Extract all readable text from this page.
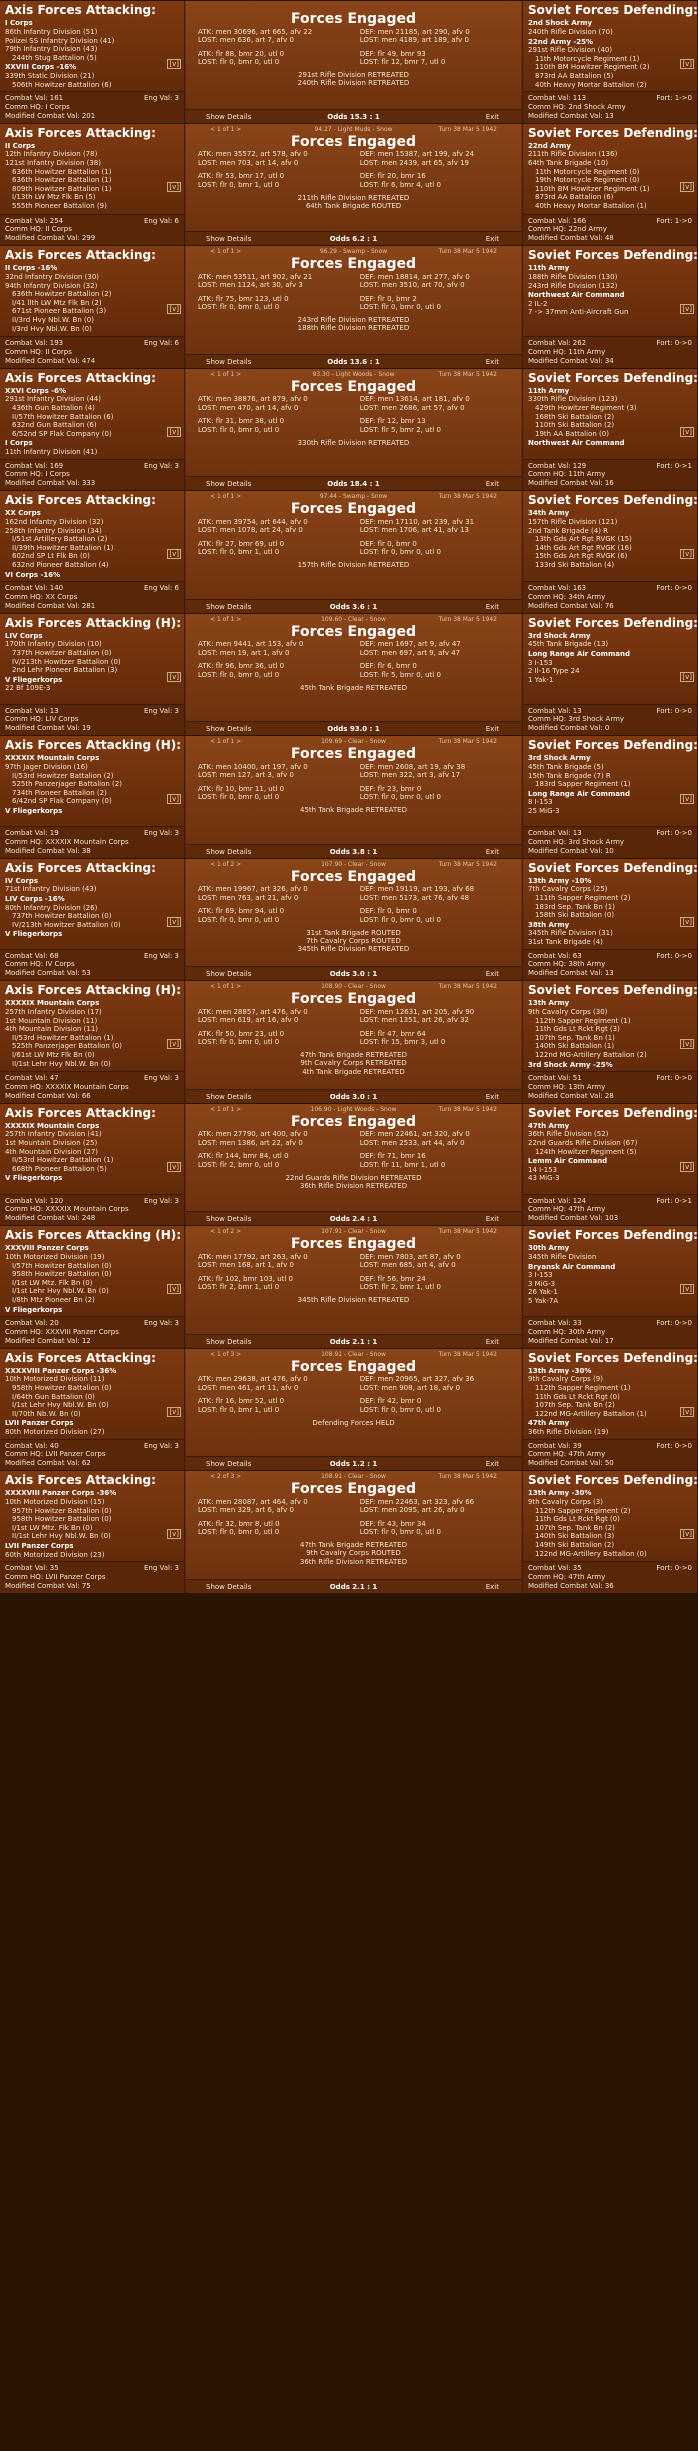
Axis Forces Attacking:
I Corps
86th Infantry Division (51)
Polizei SS Infantry Division (41)
79th Infantry Division (43)
244th Stug Battalion (5)
XXVIII Corps -16%
339th Static Division (21)
506th Howitzer Battalion (6)
[v]
Combat Val: 161	Eng Val: 3
Comm HQ: I Corps
Modified Combat Val: 201
Forces Engaged
ATK: men 30696, art 665, afv 22
LOST: men 636, art 7, afv 0
ATK: flr 88, bmr 20, utl 0
LOST: flr 0, bmr 0, utl 0
DEF: men 21185, art 290, afv 0
LOST: men 4189, art 189, afv 0
DEF: flr 49, bmr 93
LOST: flr 12, bmr 7, utl 0
291st Rifle Division RETREATED
240th Rifle Division RETREATED
Show Details	Odds 15.3 : 1	Exit
Soviet Forces Defending:
2nd Shock Army
240th Rifle Division (70)
22nd Army -25%
291st Rifle Division (40)
11th Motorcycle Regiment (1)
110th BM Howitzer Regiment (2)
873rd AA Battalion (5)
40th Heavy Mortar Battalion (2)
[v]
Combat Val: 113	Fort: 1->0
Comm HQ: 2nd Shock Army
Modified Combat Val: 13
Axis Forces Attacking:
II Corps
12th Infantry Division (78)
121st Infantry Division (38)
636th Howitzer Battalion (1)
636th Howitzer Battalion (1)
809th Howitzer Battalion (1)
I/13th LW Mtz Flk Bn (5)
555th Pioneer Battalion (9)
[v]
Combat Val: 254	Eng Val: 6
Comm HQ: II Corps
Modified Combat Val: 299
< 1 of 1 >	94.27 - Light Muds - Snow	Turn 38 Mar 5 1942
Forces Engaged
ATK: men 35572, art 578, afv 0
LOST: men 703, art 14, afv 0
ATK: flr 53, bmr 17, utl 0
LOST: flr 0, bmr 1, utl 0
DEF: men 15387, art 199, afv 24
LOST: men 2439, art 65, afv 19
DEF: flr 20, bmr 16
LOST: flr 6, bmr 4, utl 0
211th Rifle Division RETREATED
64th Tank Brigade ROUTED
Show Details	Odds 6.2 : 1	Exit
Soviet Forces Defending:
22nd Army
211th Rifle Division (136)
64th Tank Brigade (10)
11th Motorcycle Regiment (0)
19th Motorcycle Regiment (0)
110th BM Howitzer Regiment (1)
873rd AA Battalion (6)
40th Heavy Mortar Battalion (1)
[v]
Combat Val: 166	Fort: 1->0
Comm HQ: 22nd Army
Modified Combat Val: 48
Axis Forces Attacking:
II Corps -16%
32nd Infantry Division (30)
94th Infantry Division (32)
636th Howitzer Battalion (2)
I/41 llth LW Mtz Flk Bn (2)
671st Pioneer Battalion (3)
II/3rd Hvy Nbl.W. Bn (0)
I/3rd Hvy Nbl.W. Bn (0)
[v]
Combat Val: 193	Eng Val: 6
Comm HQ: II Corps
Modified Combat Val: 474
< 1 of 1 >	96.29 - Swamp - Snow	Turn 38 Mar 5 1942
Forces Engaged
ATK: men 53511, art 902, afv 21
LOST: men 1124, art 30, afv 3
ATK: flr 75, bmr 123, utl 0
LOST: flr 0, bmr 0, utl 0
DEF: men 18814, art 277, afv 0
LOST: men 3510, art 70, afv 0
DEF: flr 0, bmr 2
LOST: flr 0, bmr 0, utl 0
243rd Rifle Division RETREATED
188th Rifle Division RETREATED
Show Details	Odds 13.6 : 1	Exit
Soviet Forces Defending:
11th Army
188th Rifle Division (130)
243rd Rifle Division (132)
Northwest Air Command
2 IL-2
7 -> 37mm Anti-Aircraft Gun	[v]
Combat Val: 262	Fort: 0->0
Comm HQ: 11th Army
Modified Combat Val: 34
Axis Forces Attacking:
XXVI Corps -6%
291st Infantry Division (44)
436th Gun Battalion (4)
II/57th Howitzer Battalion (6)
632nd Gun Battalion (6)
6/52nd SP Flak Company (0)
I Corps
11th Infantry Division (41)
[v]
Combat Val: 169	Eng Val: 3
Comm HQ: I Corps
Modified Combat Val: 333
< 1 of 1 >	93.30 - Light Woods - Snow	Turn 38 Mar 5 1942
Forces Engaged
ATK: men 38876, art 879, afv 0
LOST: men 470, art 14, afv 0
ATK: flr 31, bmr 38, utl 0
LOST: flr 0, bmr 0, utl 0
DEF: men 13614, art 181, afv 0
LOST: men 2686, art 57, afv 0
DEF: flr 12, bmr 13
LOST: flr 5, bmr 2, utl 0
330th Rifle Division RETREATED
Show Details	Odds 18.4 : 1	Exit
Soviet Forces Defending:
11th Army
330th Rifle Division (123)
429th Howitzer Regiment (3)
168th Ski Battalion (2)
110th Ski Battalion (2)
19th AA Battalion (0)
Northwest Air Command
[v]
Combat Val: 129	Fort: 0->1
Comm HQ: 11th Army
Modified Combat Val: 16
Axis Forces Attacking:
XX Corps
162nd Infantry Division (32)
258th Infantry Division (34)
I/51st Artillery Battalion (2)
II/39th Howitzer Battalion (1)
602nd SP Lt Flk Bn (0)
632nd Pioneer Battalion (4)
VI Corps -16%
[v]
Combat Val: 140	Eng Val: 6
Comm HQ: XX Corps
Modified Combat Val: 281
< 1 of 1 >	97.44 - Swamp - Snow	Turn 38 Mar 5 1942
Forces Engaged
ATK: men 39754, art 644, afv 0
LOST: men 1078, art 24, afv 0
ATK: flr 27, bmr 69, utl 0
LOST: flr 0, bmr 1, utl 0
DEF: men 17110, art 239, afv 31
LOST: men 1706, art 41, afv 13
DEF: flr 0, bmr 0
LOST: flr 0, bmr 0, utl 0
157th Rifle Division RETREATED
Show Details	Odds 3.6 : 1	Exit
Soviet Forces Defending:
34th Army
157th Rifle Division (121)
2nd Tank Brigade (4) R
13th Gds Art Rgt RVGK (15)
14th Gds Art Rgt RVGK (16)
15th Gds Art Rgt RVGK (6)
133rd Ski Battalion (4)
[v]
Combat Val: 163	Fort: 0->0
Comm HQ: 34th Army
Modified Combat Val: 76
Axis Forces Attacking (H):
LIV Corps
170th Infantry Division (10)
737th Howitzer Battalion (0)
IV/213th Howitzer Battalion (0)
2nd Lehr Pioneer Battalion (3)
V Fliegerkorps
22 Bf 109E-3
[v]
Combat Val: 13	Eng Val: 3
Comm HQ: LIV Corps
Modified Combat Val: 19
< 1 of 1 >	109.60 - Clear - Snow	Turn 38 Mar 5 1942
Forces Engaged
ATK: men 9441, art 153, afv 0
LOST: men 19, art 1, afv 0
ATK: flr 96, bmr 36, utl 0
LOST: flr 0, bmr 0, utl 0
DEF: men 1697, art 9, afv 47
LOST: men 697, art 9, afv 47
DEF: flr 6, bmr 0
LOST: flr 5, bmr 0, utl 0
45th Tank Brigade RETREATED
Show Details	Odds 93.0 : 1	Exit
Soviet Forces Defending:
3rd Shock Army
45th Tank Brigade (13)
Long Range Air Command
3 I-153
2 Il-16 Type 24
1 Yak-1	[v]
Combat Val: 13	Fort: 0->0
Comm HQ: 3rd Shock Army
Modified Combat Val: 0
Axis Forces Attacking (H):
XXXXIX Mountain Corps
97th Jager Division (16)
II/53rd Howitzer Battalion (2)
525th Panzerjager Battalion (2)
734th Pioneer Battalion (2)
6/42nd SP Flak Company (0)
V Fliegerkorps
[v]
Combat Val: 19	Eng Val: 3
Comm HQ: XXXXIX Mountain Corps
Modified Combat Val: 38
< 1 of 1 >	109.69 - Clear - Snow	Turn 38 Mar 5 1942
Forces Engaged
ATK: men 10400, art 197, afv 0
LOST: men 127, art 3, afv 0
ATK: flr 10, bmr 11, utl 0
LOST: flr 0, bmr 0, utl 0
DEF: men 2608, art 19, afv 38
LOST: men 322, art 3, afv 17
DEF: flr 23, bmr 0
LOST: flr 0, bmr 0, utl 0
45th Tank Brigade RETREATED
Show Details	Odds 3.8 : 1	Exit
Soviet Forces Defending:
3rd Shock Army
45th Tank Brigade (5)
15th Tank Brigade (7) R
183rd Sapper Regiment (1)
Long Range Air Command
8 I-153
25 MiG-3
[v]
Combat Val: 13	Fort: 0->0
Comm HQ: 3rd Shock Army
Modified Combat Val: 10
Axis Forces Attacking:
IV Corps
71st Infantry Division (43)
LIV Corps -16%
80th Infantry Division (26)
737th Howitzer Battalion (0)
IV/213th Howitzer Battalion (0)
V Fliegerkorps
[v]
Combat Val: 68	Eng Val: 3
Comm HQ: IV Corps
Modified Combat Val: 53
< 1 of 2 >	107.90 - Clear - Snow	Turn 38 Mar 5 1942
Forces Engaged
ATK: men 19967, art 326, afv 0
LOST: men 763, art 21, afv 0
ATK: flr 69, bmr 94, utl 0
LOST: flr 0, bmr 0, utl 0
DEF: men 19119, art 193, afv 68
LOST: men 5173, art 76, afv 48
DEF: flr 0, bmr 0
LOST: flr 0, bmr 0, utl 0
31st Tank Brigade ROUTED
7th Cavalry Corps ROUTED
345th Rifle Division RETREATED
Show Details	Odds 3.0 : 1	Exit
Soviet Forces Defending:
13th Army -10%
7th Cavalry Corps (25)
111th Sapper Regiment (2)
183rd Sep. Tank Bn (1)
158th Ski Battalion (0)
38th Army
345th Rifle Division (31)
31st Tank Brigade (4)
[v]
Combat Val: 63	Fort: 0->0
Comm HQ: 38th Army
Modified Combat Val: 13
Axis Forces Attacking (H):
XXXXIX Mountain Corps
257th Infantry Division (17)
1st Mountain Division (11)
4th Mountain Division (11)
II/53rd Howitzer Battalion (1)
525th Panzerjager Battalion (0)
I/61st LW Mtz Flk Bn (0)
II/1st Lehr Hvy Nbl.W. Bn (0)
[v]
Combat Val: 47	Eng Val: 3
Comm HQ: XXXXIX Mountain Corps
Modified Combat Val: 66
< 1 of 1 >	108.90 - Clear - Snow	Turn 38 Mar 5 1942
Forces Engaged
ATK: men 28857, art 476, afv 0
LOST: men 619, art 16, afv 0
ATK: flr 50, bmr 23, utl 0
LOST: flr 0, bmr 0, utl 0
DEF: men 12631, art 205, afv 90
LOST: men 1351, art 26, afv 32
DEF: flr 47, bmr 64
LOST: flr 15, bmr 3, utl 0
47th Tank Brigade RETREATED
9th Cavalry Corps RETREATED
4th Tank Brigade RETREATED
Show Details	Odds 3.0 : 1	Exit
Soviet Forces Defending:
13th Army
9th Cavalry Corps (30)
112th Sapper Regiment (1)
11th Gds Lt Rckt Rgt (3)
107th Sep. Tank Bn (1)
140th Ski Battalion (1)
122nd MG-Artillery Battalion (2)
3rd Shock Army -25%
[v]
Combat Val: 51	Fort: 0->0
Comm HQ: 13th Army
Modified Combat Val: 28
Axis Forces Attacking:
XXXXIX Mountain Corps
257th Infantry Division (41)
1st Mountain Division (25)
4th Mountain Division (27)
II/53rd Howitzer Battalion (1)
668th Pioneer Battalion (5)
V Fliegerkorps
[v]
Combat Val: 120	Eng Val: 3
Comm HQ: XXXXIX Mountain Corps
Modified Combat Val: 248
< 1 of 1 >	106.90 - Light Woods - Snow	Turn 38 Mar 5 1942
Forces Engaged
ATK: men 27790, art 400, afv 0
LOST: men 1386, art 22, afv 0
ATK: flr 144, bmr 84, utl 0
LOST: flr 2, bmr 0, utl 0
DEF: men 22461, art 320, afv 0
LOST: men 2533, art 44, afv 0
DEF: flr 71, bmr 16
LOST: flr 11, bmr 1, utl 0
22nd Guards Rifle Division RETREATED
36th Rifle Division RETREATED
Show Details	Odds 2.4 : 1	Exit
Soviet Forces Defending:
47th Army
36th Rifle Division (52)
22nd Guards Rifle Division (67)
124th Howitzer Regiment (5)
Lemm Air Command
14 I-153
43 MiG-3
[v]
Combat Val: 124	Fort: 0->1
Comm HQ: 47th Army
Modified Combat Val: 103
Axis Forces Attacking (H):
XXXVIII Panzer Corps
10th Motorized Division (19)
I/57th Howitzer Battalion (0)
958th Howitzer Battalion (0)
I/1st LW Mtz. Flk Bn (0)
I/1st Lehr Hvy Nbl.W. Bn (0)
I/8th Mtz Pioneer Bn (2)
V Fliegerkorps
[v]
Combat Val: 20	Eng Val: 3
Comm HQ: XXXVIII Panzer Corps
Modified Combat Val: 12
< 1 of 2 >	107.91 - Clear - Snow	Turn 38 Mar 5 1942
Forces Engaged
ATK: men 17792, art 263, afv 0
LOST: men 168, art 1, afv 0
ATK: flr 102, bmr 103, utl 0
LOST: flr 2, bmr 1, utl 0
DEF: men 7803, art 87, afv 0
LOST: men 685, art 4, afv 0
DEF: flr 56, bmr 24
LOST: flr 2, bmr 1, utl 0
345th Rifle Division RETREATED
Show Details	Odds 2.1 : 1	Exit
Soviet Forces Defending:
30th Army
345th Rifle Division
Bryansk Air Command
3 I-153
3 MiG-3
26 Yak-1
5 Yak-7A
[v]
Combat Val: 33	Fort: 0->0
Comm HQ: 30th Army
Modified Combat Val: 17
Axis Forces Attacking:
XXXXVIII Panzer Corps -36%
10th Motorized Division (11)
958th Howitzer Battalion (0)
I/64th Gun Battalion (0)
I/1st Lehr Hvy Nbl.W. Bn (0)
II/70th Nb.W. Bn (0)
LVII Panzer Corps
80th Motorized Division (27)
[v]
Combat Val: 40	Eng Val: 3
Comm HQ: LVII Panzer Corps
Modified Combat Val: 62
< 1 of 3 >	108.91 - Clear - Snow	Turn 38 Mar 5 1942
Forces Engaged
ATK: men 29638, art 476, afv 0
LOST: men 461, art 11, afv 0
ATK: flr 16, bmr 52, utl 0
LOST: flr 0, bmr 1, utl 0
DEF: men 20965, art 327, afv 36
LOST: men 908, art 18, afv 0
DEF: flr 42, bmr 0
LOST: flr 0, bmr 0, utl 0
Defending Forces HELD
Show Details	Odds 1.2 : 1	Exit
Soviet Forces Defending:
13th Army -30%
9th Cavalry Corps (9)
112th Sapper Regiment (1)
11th Gds Lt Rckt Rgt (0)
107th Sep. Tank Bn (2)
122nd MG-Artillery Battalion (1)
47th Army
36th Rifle Division (19)
[v]
Combat Val: 39	Fort: 0->0
Comm HQ: 47th Army
Modified Combat Val: 50
Axis Forces Attacking:
XXXXVIII Panzer Corps -36%
10th Motorized Division (15)
957th Howitzer Battalion (0)
958th Howitzer Battalion (0)
I/1st LW Mtz. Flk Bn (0)
II/1st Lehr Hvy Nbl.W. Bn (0)
LVII Panzer Corps
60th Motorized Division (23)
[v]
Combat Val: 35	Eng Val: 3
Comm HQ: LVII Panzer Corps
Modified Combat Val: 75
< 2 of 3 >	108.91 - Clear - Snow	Turn 38 Mar 5 1942
Forces Engaged
ATK: men 28087, art 464, afv 0
LOST: men 329, art 6, afv 0
ATK: flr 32, bmr 8, utl 0
LOST: flr 0, bmr 0, utl 0
DEF: men 22463, art 323, afv 66
LOST: men 2095, art 26, afv 0
DEF: flr 43, bmr 34
LOST: flr 0, bmr 0, utl 0
47th Tank Brigade RETREATED
9th Cavalry Corps ROUTED
36th Rifle Division RETREATED
Show Details	Odds 2.1 : 1	Exit
Soviet Forces Defending:
13th Army -30%
9th Cavalry Corps (3)
112th Sapper Regiment (2)
11th Gds Lt Rckt Rgt (0)
107th Sep. Tank Bn (2)
140th Ski Battalion (3)
149th Ski Battalion (2)
122nd MG-Artillery Battalion (0)
[v]
Combat Val: 35	Fort: 0->0
Comm HQ: 47th Army
Modified Combat Val: 36
